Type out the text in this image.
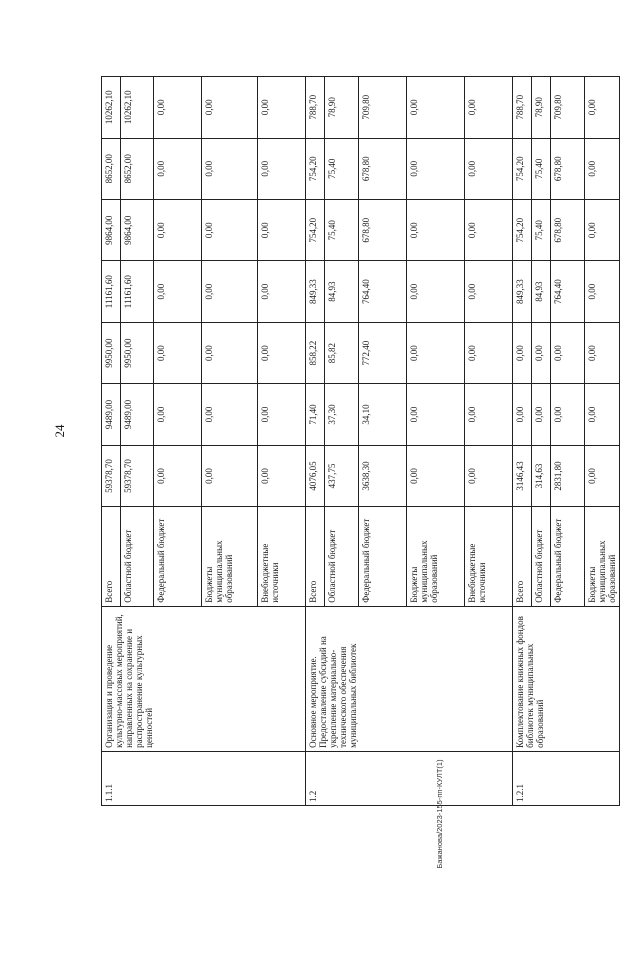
24
Бажанова/2023-155-пп-КУЛТ(1)
1.1.1	Организация и проведение культурно-массовых мероприятий, направленных на сохранение и распространение культурных ценностей	Всего	59378,70	9489,00	9950,00	11161,60	9864,00	8652,00	10262,10
		Областной бюджет	59378,70	9489,00	9950,00	11161,60	9864,00	8652,00	10262,10
		Федеральный бюджет	0,00	0,00	0,00	0,00	0,00	0,00	0,00
		Бюджеты муниципальных образований	0,00	0,00	0,00	0,00	0,00	0,00	0,00
		Внебюджетные источники	0,00	0,00	0,00	0,00	0,00	0,00	0,00
1.2	Основное мероприятие. Предоставление субсидий на укрепление материально-технического обеспечения муниципальных библиотек	Всего	4076,05	71,40	858,22	849,33	754,20	754,20	788,70
		Областной бюджет	437,75	37,30	85,82	84,93	75,40	75,40	78,90
		Федеральный бюджет	3638,30	34,10	772,40	764,40	678,80	678,80	709,80
		Бюджеты муниципальных образований	0,00	0,00	0,00	0,00	0,00	0,00	0,00
		Внебюджетные источники	0,00	0,00	0,00	0,00	0,00	0,00	0,00
1.2.1	Комплектование книжных фондов библиотек муниципальных образований	Всего	3146,43	0,00	0,00	849,33	754,20	754,20	788,70
		Областной бюджет	314,63	0,00	0,00	84,93	75,40	75,40	78,90
		Федеральный бюджет	2831,80	0,00	0,00	764,40	678,80	678,80	709,80
		Бюджеты муниципальных образований	0,00	0,00	0,00	0,00	0,00	0,00	0,00
